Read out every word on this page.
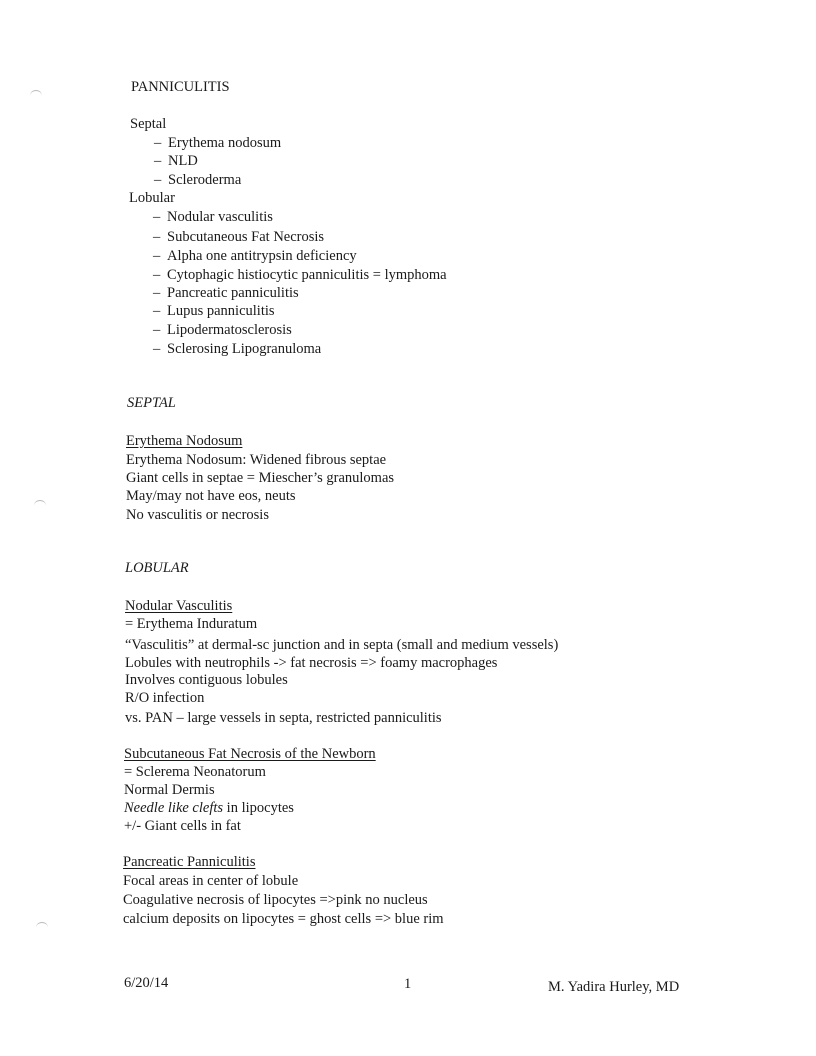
PANNICULITIS
Septal
– Erythema nodosum
– NLD
– Scleroderma
Lobular
– Nodular vasculitis
– Subcutaneous Fat Necrosis
– Alpha one antitrypsin deficiency
– Cytophagic histiocytic panniculitis = lymphoma
– Pancreatic panniculitis
– Lupus panniculitis
– Lipodermatosclerosis
– Sclerosing Lipogranuloma
SEPTAL
Erythema Nodosum
Erythema Nodosum: Widened fibrous septae
Giant cells in septae = Miescher’s granulomas
May/may not have eos, neuts
No vasculitis or necrosis
LOBULAR
Nodular Vasculitis
= Erythema Induratum
“Vasculitis” at dermal-sc junction and in septa (small and medium vessels)
Lobules with neutrophils -> fat necrosis => foamy macrophages
Involves contiguous lobules
R/O infection
vs. PAN – large vessels in septa, restricted panniculitis
Subcutaneous Fat Necrosis of the Newborn
= Sclerema Neonatorum
Normal Dermis
Needle like clefts in lipocytes
+/- Giant cells in fat
Pancreatic Panniculitis
Focal areas in center of lobule
Coagulative necrosis of lipocytes =>pink no nucleus
calcium deposits on lipocytes = ghost cells => blue rim
6/20/14	1	M. Yadira Hurley, MD
